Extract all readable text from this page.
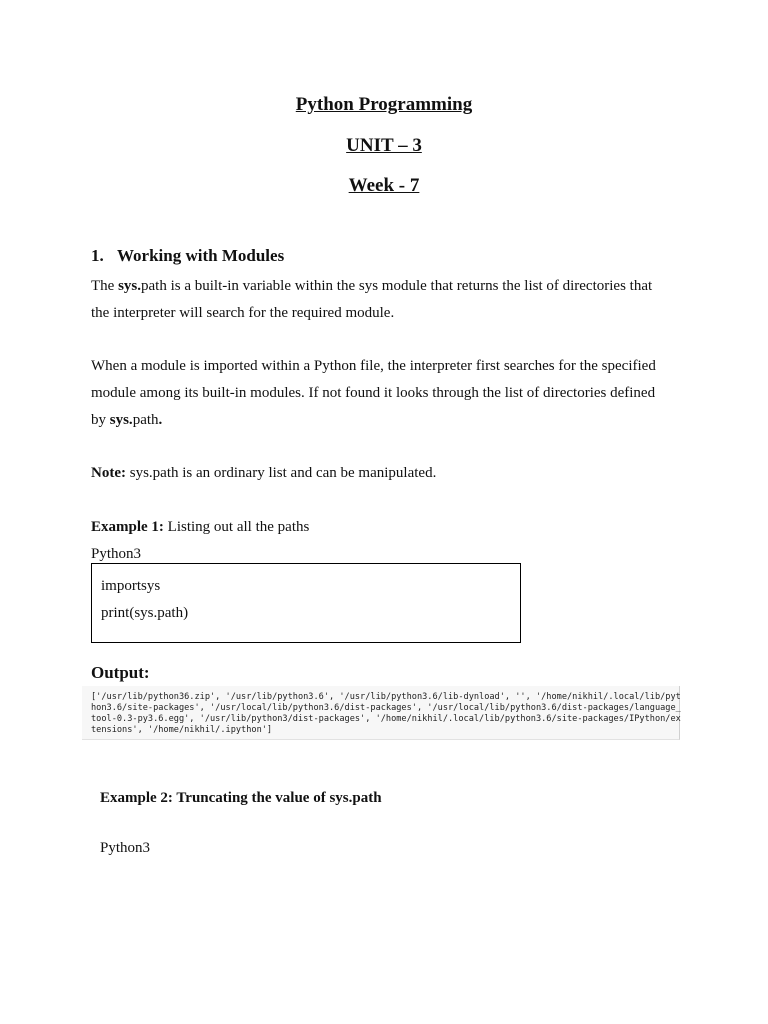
Python Programming
UNIT – 3
Week - 7
1. Working with Modules
The sys.path is a built-in variable within the sys module that returns the list of directories that
the interpreter will search for the required module.
When a module is imported within a Python file, the interpreter first searches for the specified
module among its built-in modules. If not found it looks through the list of directories defined
by sys.path.
Note: sys.path is an ordinary list and can be manipulated.
Example 1: Listing out all the paths
Python3
importsys
print(sys.path)
Output:
['/usr/lib/python36.zip', '/usr/lib/python3.6', '/usr/lib/python3.6/lib-dynload', '', '/home/nikhil/.local/lib/pyt
hon3.6/site-packages', '/usr/local/lib/python3.6/dist-packages', '/usr/local/lib/python3.6/dist-packages/language_
tool-0.3-py3.6.egg', '/usr/lib/python3/dist-packages', '/home/nikhil/.local/lib/python3.6/site-packages/IPython/ex
tensions', '/home/nikhil/.ipython']
Example 2: Truncating the value of sys.path
Python3
